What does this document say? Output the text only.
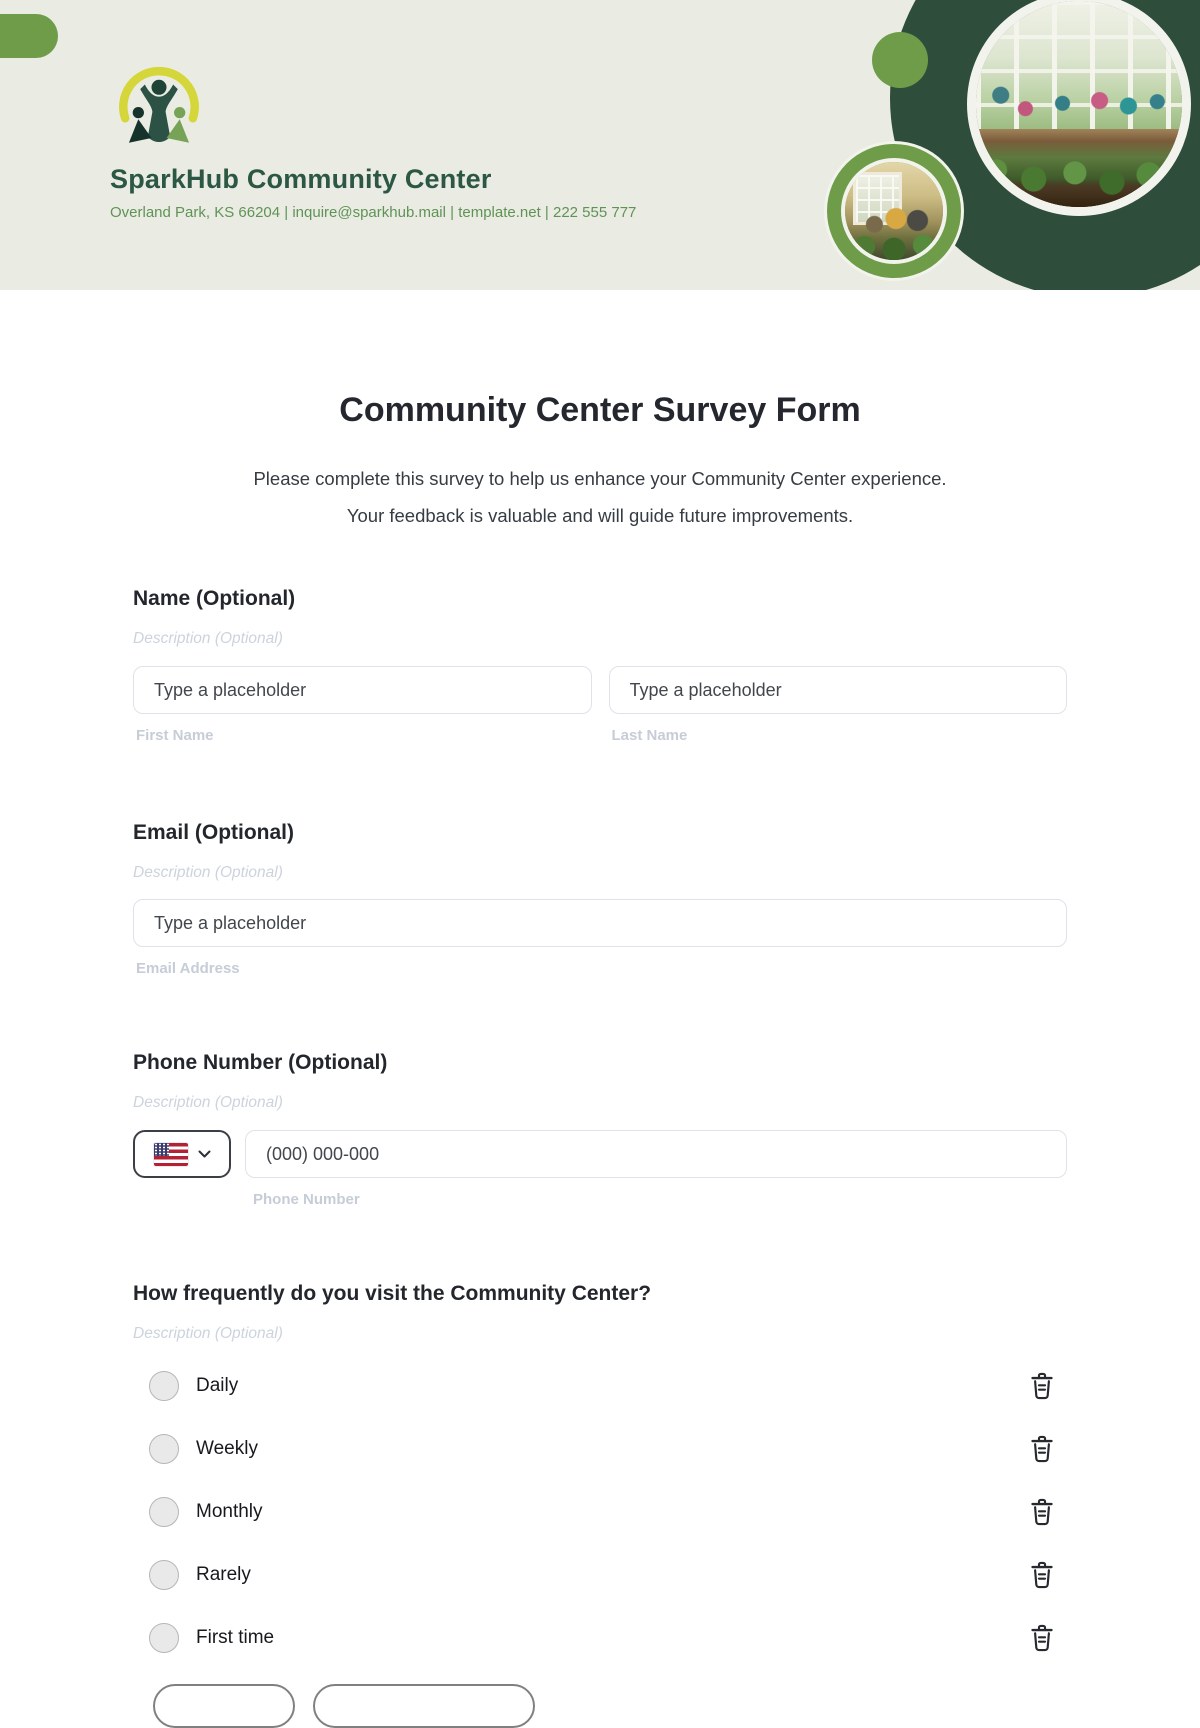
SparkHub Community Center
Overland Park, KS 66204 | inquire@sparkhub.mail | template.net | 222 555 777
Community Center Survey Form
Please complete this survey to help us enhance your Community Center experience.
Your feedback is valuable and will guide future improvements.
Name (Optional)
Description (Optional)
Type a placeholder
Type a placeholder
First Name	Last Name
Email (Optional)
Description (Optional)
Type a placeholder
Email Address
Phone Number (Optional)
Description (Optional)
(000) 000-000
Phone Number
How frequently do you visit the Community Center?
Description (Optional)
Daily
Weekly
Monthly
Rarely
First time
